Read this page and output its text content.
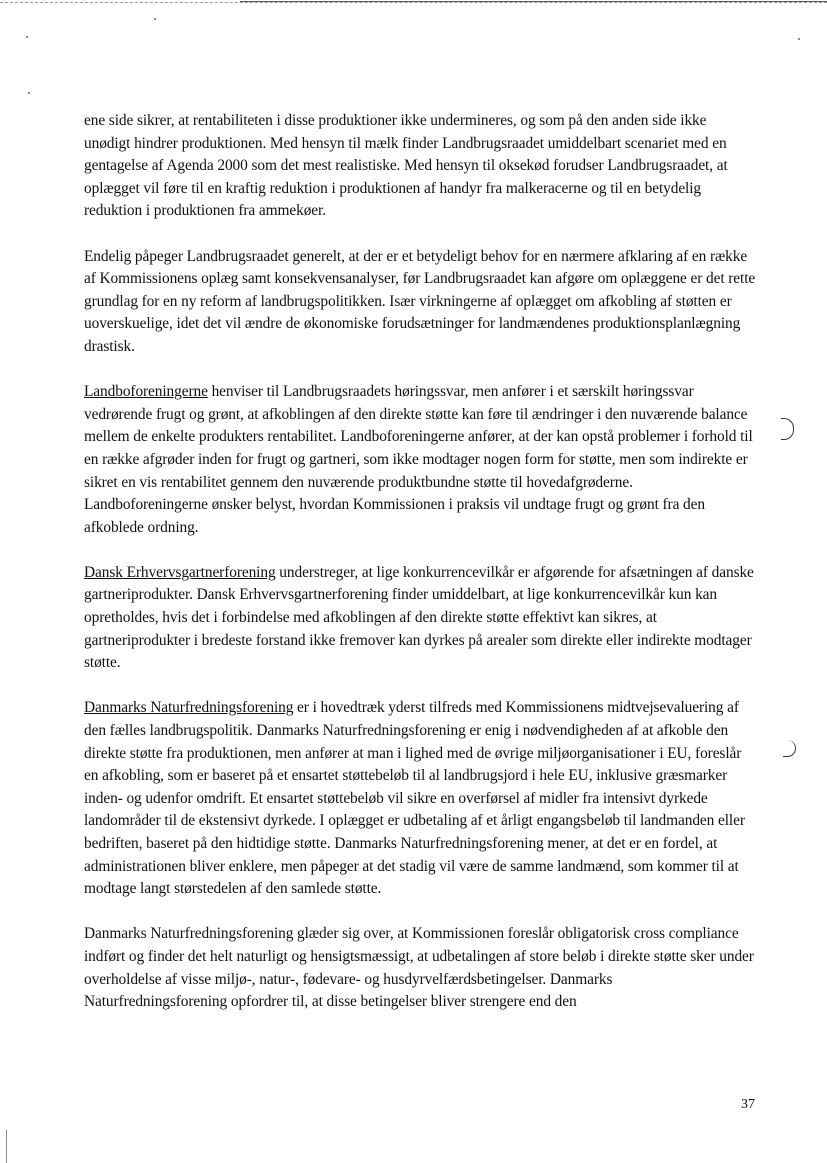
ene side sikrer, at rentabiliteten i disse produktioner ikke undermineres, og som på den anden side ikke unødigt hindrer produktionen. Med hensyn til mælk finder Landbrugsraadet umiddelbart scenariet med en gentagelse af Agenda 2000 som det mest realistiske. Med hensyn til oksekød forudser Landbrugsraadet, at oplægget vil føre til en kraftig reduktion i produktionen af handyr fra malkeracerne og til en betydelig reduktion i produktionen fra ammekøer.

Endelig påpeger Landbrugsraadet generelt, at der er et betydeligt behov for en nærmere afklaring af en række af Kommissionens oplæg samt konsekvensanalyser, før Landbrugsraadet kan afgøre om oplæggene er det rette grundlag for en ny reform af landbrugspolitikken. Især virkningerne af oplægget om afkobling af støtten er uoverskuelige, idet det vil ændre de økonomiske forudsætninger for landmændenes produktionsplanlægning drastisk.

Landboforeningerne henviser til Landbrugsraadets høringssvar, men anfører i et særskilt høringssvar vedrørende frugt og grønt, at afkoblingen af den direkte støtte kan føre til ændringer i den nuværende balance mellem de enkelte produkters rentabilitet. Landboforeningerne anfører, at der kan opstå problemer i forhold til en række afgrøder inden for frugt og gartneri, som ikke modtager nogen form for støtte, men som indirekte er sikret en vis rentabilitet gennem den nuværende produktbundne støtte til hovedafgrøderne. Landboforeningerne ønsker belyst, hvordan Kommissionen i praksis vil undtage frugt og grønt fra den afkoblede ordning.

Dansk Erhvervsgartnerforening understreger, at lige konkurrencevilkår er afgørende for afsætningen af danske gartneriprodukter. Dansk Erhvervsgartnerforening finder umiddelbart, at lige konkurrencevilkår kun kan opretholdes, hvis det i forbindelse med afkoblingen af den direkte støtte effektivt kan sikres, at gartneriprodukter i bredeste forstand ikke fremover kan dyrkes på arealer som direkte eller indirekte modtager støtte.

Danmarks Naturfredningsforening er i hovedtræk yderst tilfreds med Kommissionens midtvejsevaluering af den fælles landbrugspolitik. Danmarks Naturfredningsforening er enig i nødvendigheden af at afkoble den direkte støtte fra produktionen, men anfører at man i lighed med de øvrige miljøorganisationer i EU, foreslår en afkobling, som er baseret på et ensartet støttebeløb til al landbrugsjord i hele EU, inklusive græsmarker inden- og udenfor omdrift. Et ensartet støttebeløb vil sikre en overførsel af midler fra intensivt dyrkede landområder til de ekstensivt dyrkede. I oplægget er udbetaling af et årligt engangsbeløb til landmanden eller bedriften, baseret på den hidtidige støtte. Danmarks Naturfredningsforening mener, at det er en fordel, at administrationen bliver enklere, men påpeger at det stadig vil være de samme landmænd, som kommer til at modtage langt størstedelen af den samlede støtte.

Danmarks Naturfredningsforening glæder sig over, at Kommissionen foreslår obligatorisk cross compliance indført og finder det helt naturligt og hensigtsmæssigt, at udbetalingen af store beløb i direkte støtte sker under overholdelse af visse miljø-, natur-, fødevare- og husdyrvelfærdsbetingelser. Danmarks Naturfredningsforening opfordrer til, at disse betingelser bliver strengere end den

37
